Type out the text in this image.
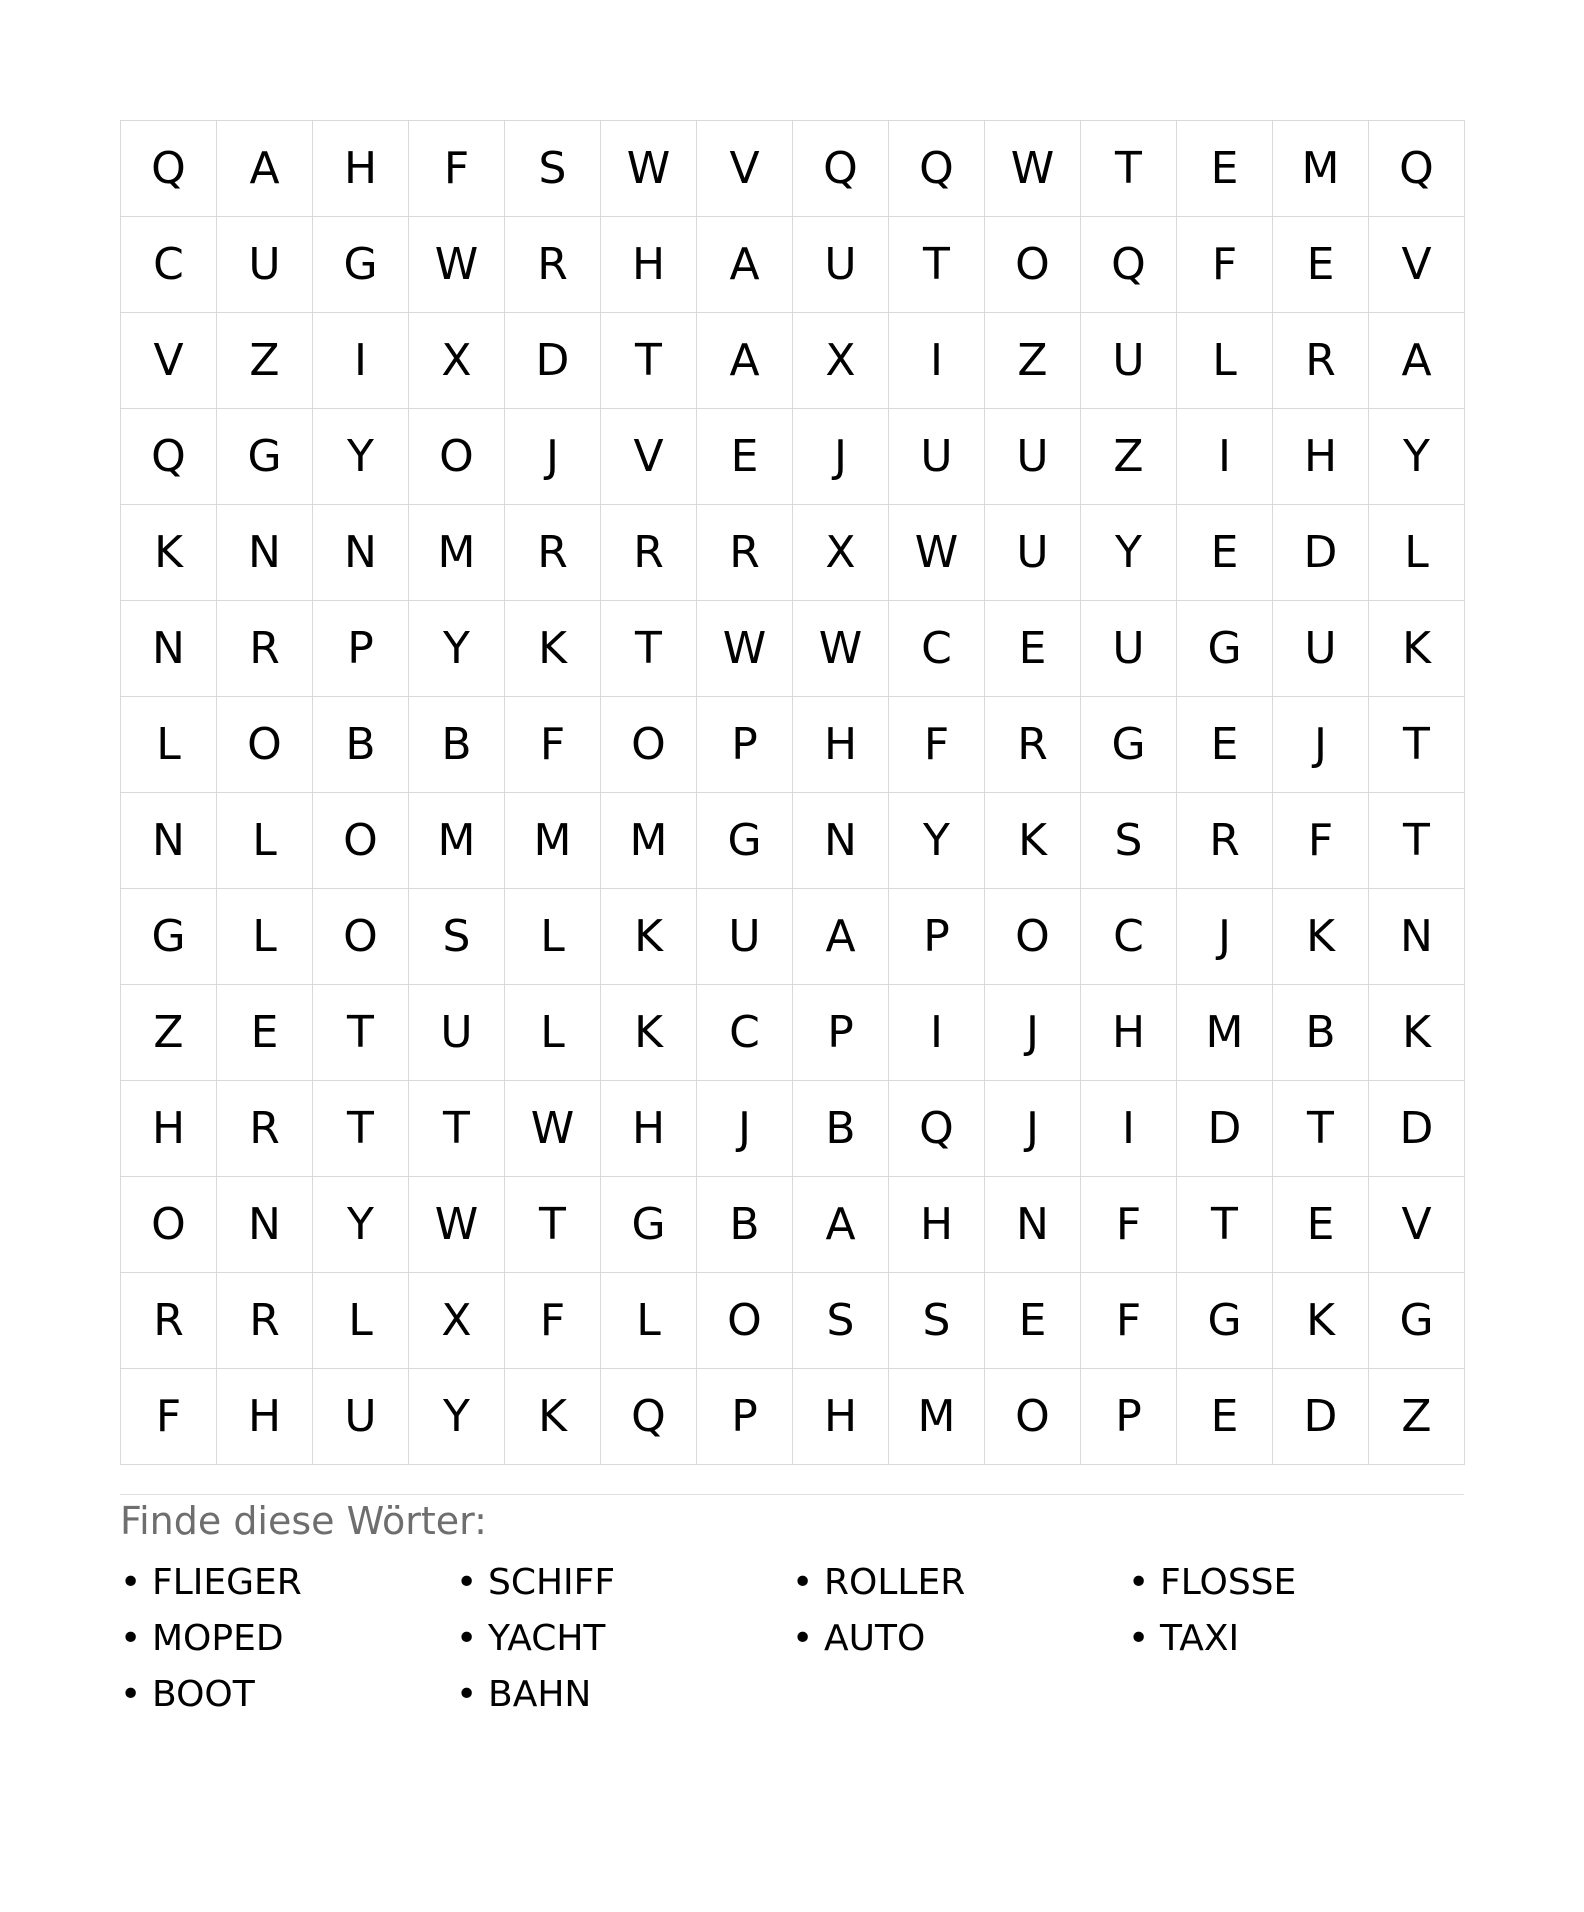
Q	A	H	F	S	W	V	Q	Q	W	T	E	M	Q
C	U	G	W	R	H	A	U	T	O	Q	F	E	V
V	Z	I	X	D	T	A	X	I	Z	U	L	R	A
Q	G	Y	O	J	V	E	J	U	U	Z	I	H	Y
K	N	N	M	R	R	R	X	W	U	Y	E	D	L
N	R	P	Y	K	T	W	W	C	E	U	G	U	K
L	O	B	B	F	O	P	H	F	R	G	E	J	T
N	L	O	M	M	M	G	N	Y	K	S	R	F	T
G	L	O	S	L	K	U	A	P	O	C	J	K	N
Z	E	T	U	L	K	C	P	I	J	H	M	B	K
H	R	T	T	W	H	J	B	Q	J	I	D	T	D
O	N	Y	W	T	G	B	A	H	N	F	T	E	V
R	R	L	X	F	L	O	S	S	E	F	G	K	G
F	H	U	Y	K	Q	P	H	M	O	P	E	D	Z
Finde diese Wörter:
• FLIEGER	• SCHIFF	• ROLLER	• FLOSSE
• MOPED	• YACHT	• AUTO	• TAXI
• BOOT	• BAHN
